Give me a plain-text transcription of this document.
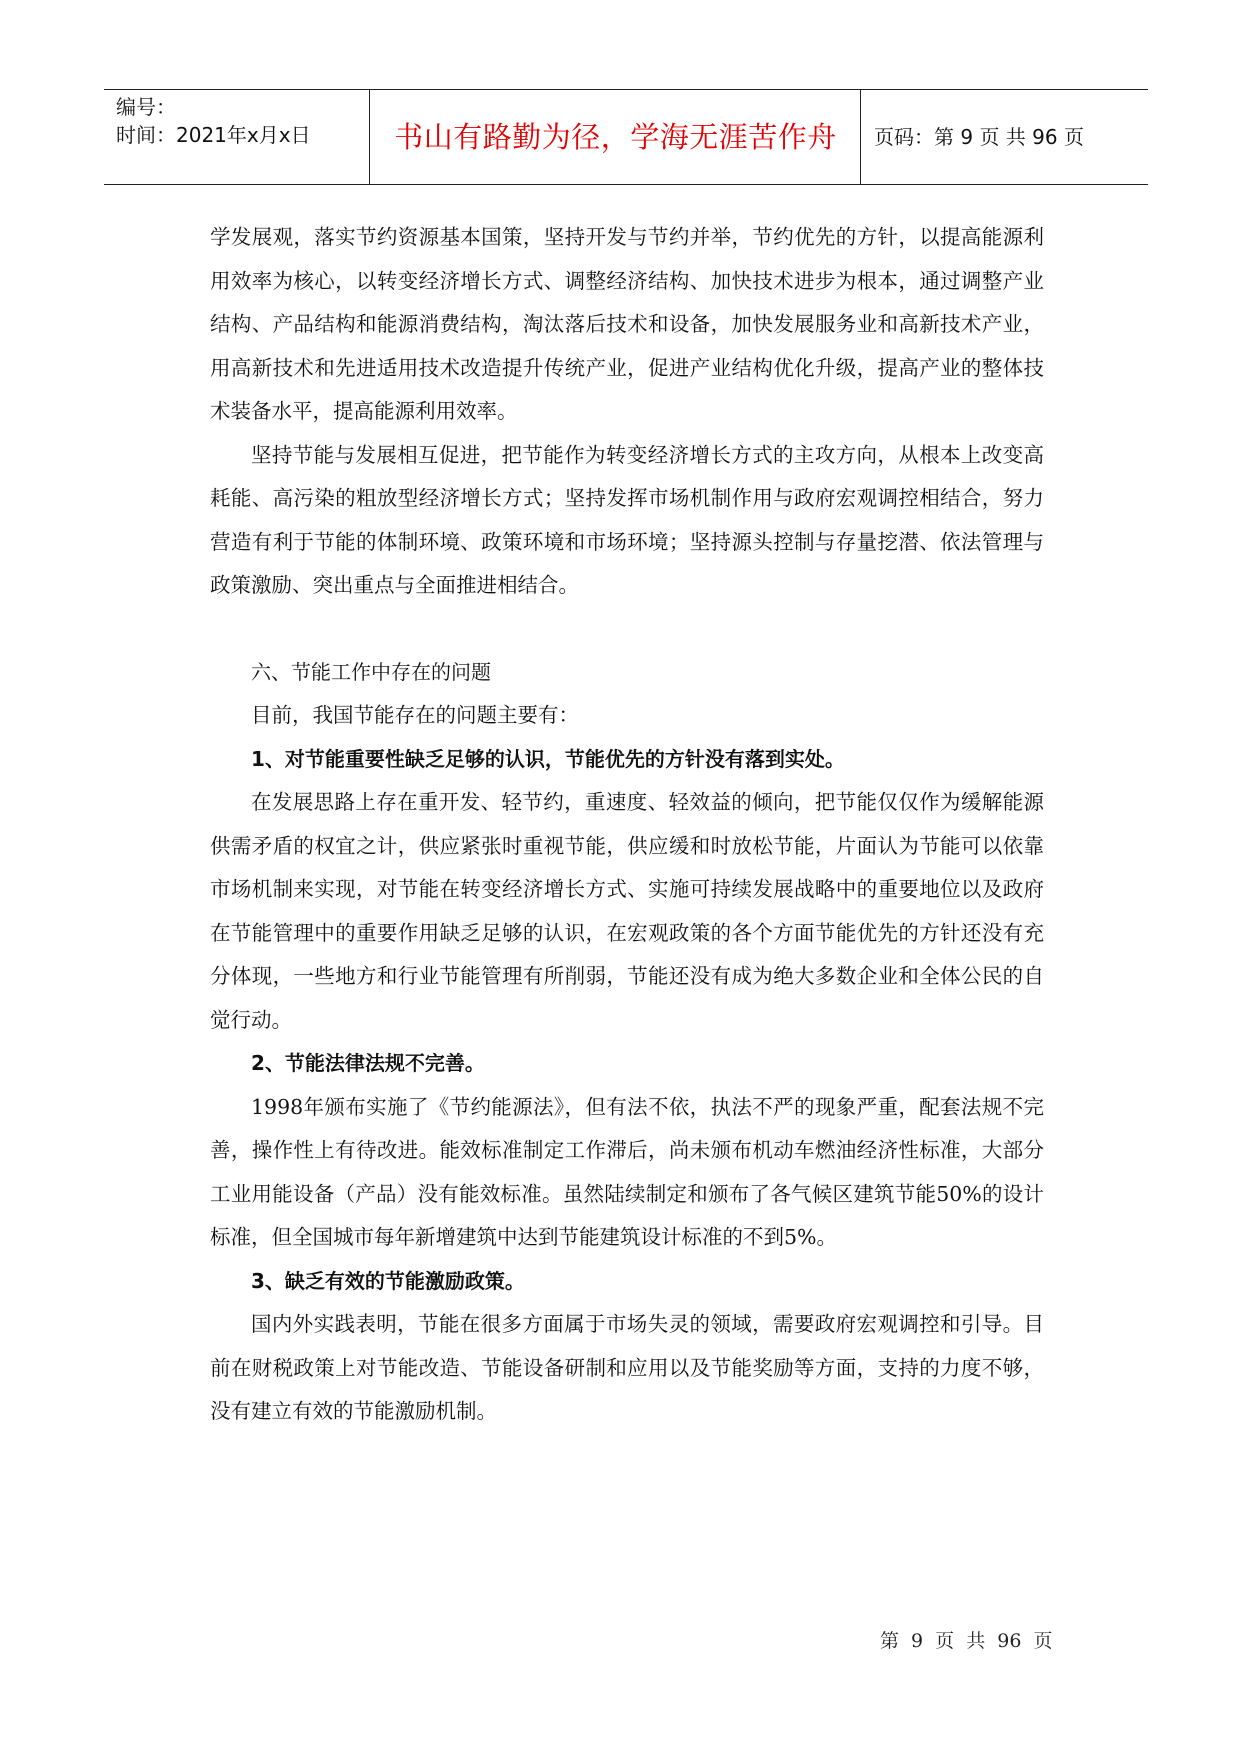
编号：
时间：2021年x月x日	书山有路勤为径，学海无涯苦作舟	页码：第 9 页 共 96 页

学发展观，落实节约资源基本国策，坚持开发与节约并举，节约优先的方针，以提高能源利用效率为核心，以转变经济增长方式、调整经济结构、加快技术进步为根本，通过调整产业结构、产品结构和能源消费结构，淘汰落后技术和设备，加快发展服务业和高新技术产业，用高新技术和先进适用技术改造提升传统产业，促进产业结构优化升级，提高产业的整体技术装备水平，提高能源利用效率。

坚持节能与发展相互促进，把节能作为转变经济增长方式的主攻方向，从根本上改变高耗能、高污染的粗放型经济增长方式；坚持发挥市场机制作用与政府宏观调控相结合，努力营造有利于节能的体制环境、政策环境和市场环境；坚持源头控制与存量挖潜、依法管理与政策激励、突出重点与全面推进相结合。

六、节能工作中存在的问题

目前，我国节能存在的问题主要有：

1、对节能重要性缺乏足够的认识，节能优先的方针没有落到实处。

在发展思路上存在重开发、轻节约，重速度、轻效益的倾向，把节能仅仅作为缓解能源供需矛盾的权宜之计，供应紧张时重视节能，供应缓和时放松节能，片面认为节能可以依靠市场机制来实现，对节能在转变经济增长方式、实施可持续发展战略中的重要地位以及政府在节能管理中的重要作用缺乏足够的认识，在宏观政策的各个方面节能优先的方针还没有充分体现，一些地方和行业节能管理有所削弱，节能还没有成为绝大多数企业和全体公民的自觉行动。

2、节能法律法规不完善。

1998年颁布实施了《节约能源法》，但有法不依，执法不严的现象严重，配套法规不完善，操作性上有待改进。能效标准制定工作滞后，尚未颁布机动车燃油经济性标准，大部分工业用能设备（产品）没有能效标准。虽然陆续制定和颁布了各气候区建筑节能50%的设计标准，但全国城市每年新增建筑中达到节能建筑设计标准的不到5%。

3、缺乏有效的节能激励政策。

国内外实践表明，节能在很多方面属于市场失灵的领域，需要政府宏观调控和引导。目前在财税政策上对节能改造、节能设备研制和应用以及节能奖励等方面，支持的力度不够，没有建立有效的节能激励机制。

第 9 页 共 96 页
